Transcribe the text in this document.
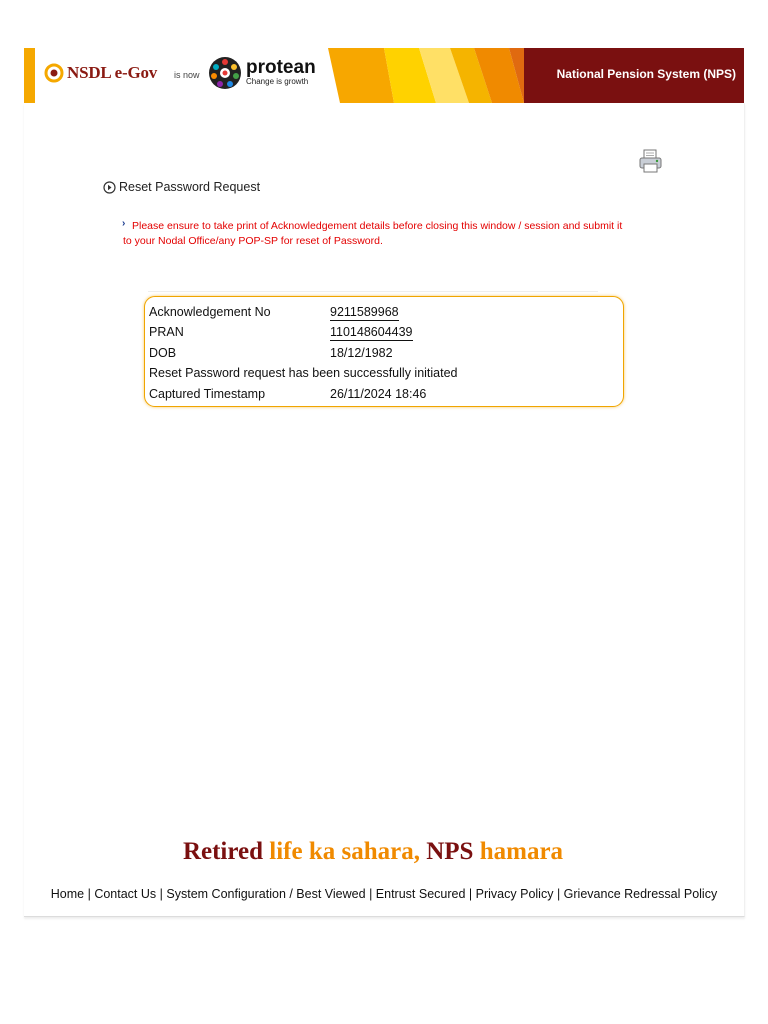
NSDL e-Gov is now protean
Change is growth
National Pension System (NPS)
Reset Password Request
› Please ensure to take print of Acknowledgement details before closing this window / session and submit it to your Nodal Office/any POP-SP for reset of Password.
Acknowledgement No	9211589968
PRAN	110148604439
DOB	18/12/1982
Reset Password request has been successfully initiated
Captured Timestamp	26/11/2024 18:46
Retired life ka sahara, NPS hamara
Home | Contact Us | System Configuration / Best Viewed | Entrust Secured | Privacy Policy | Grievance Redressal Policy
